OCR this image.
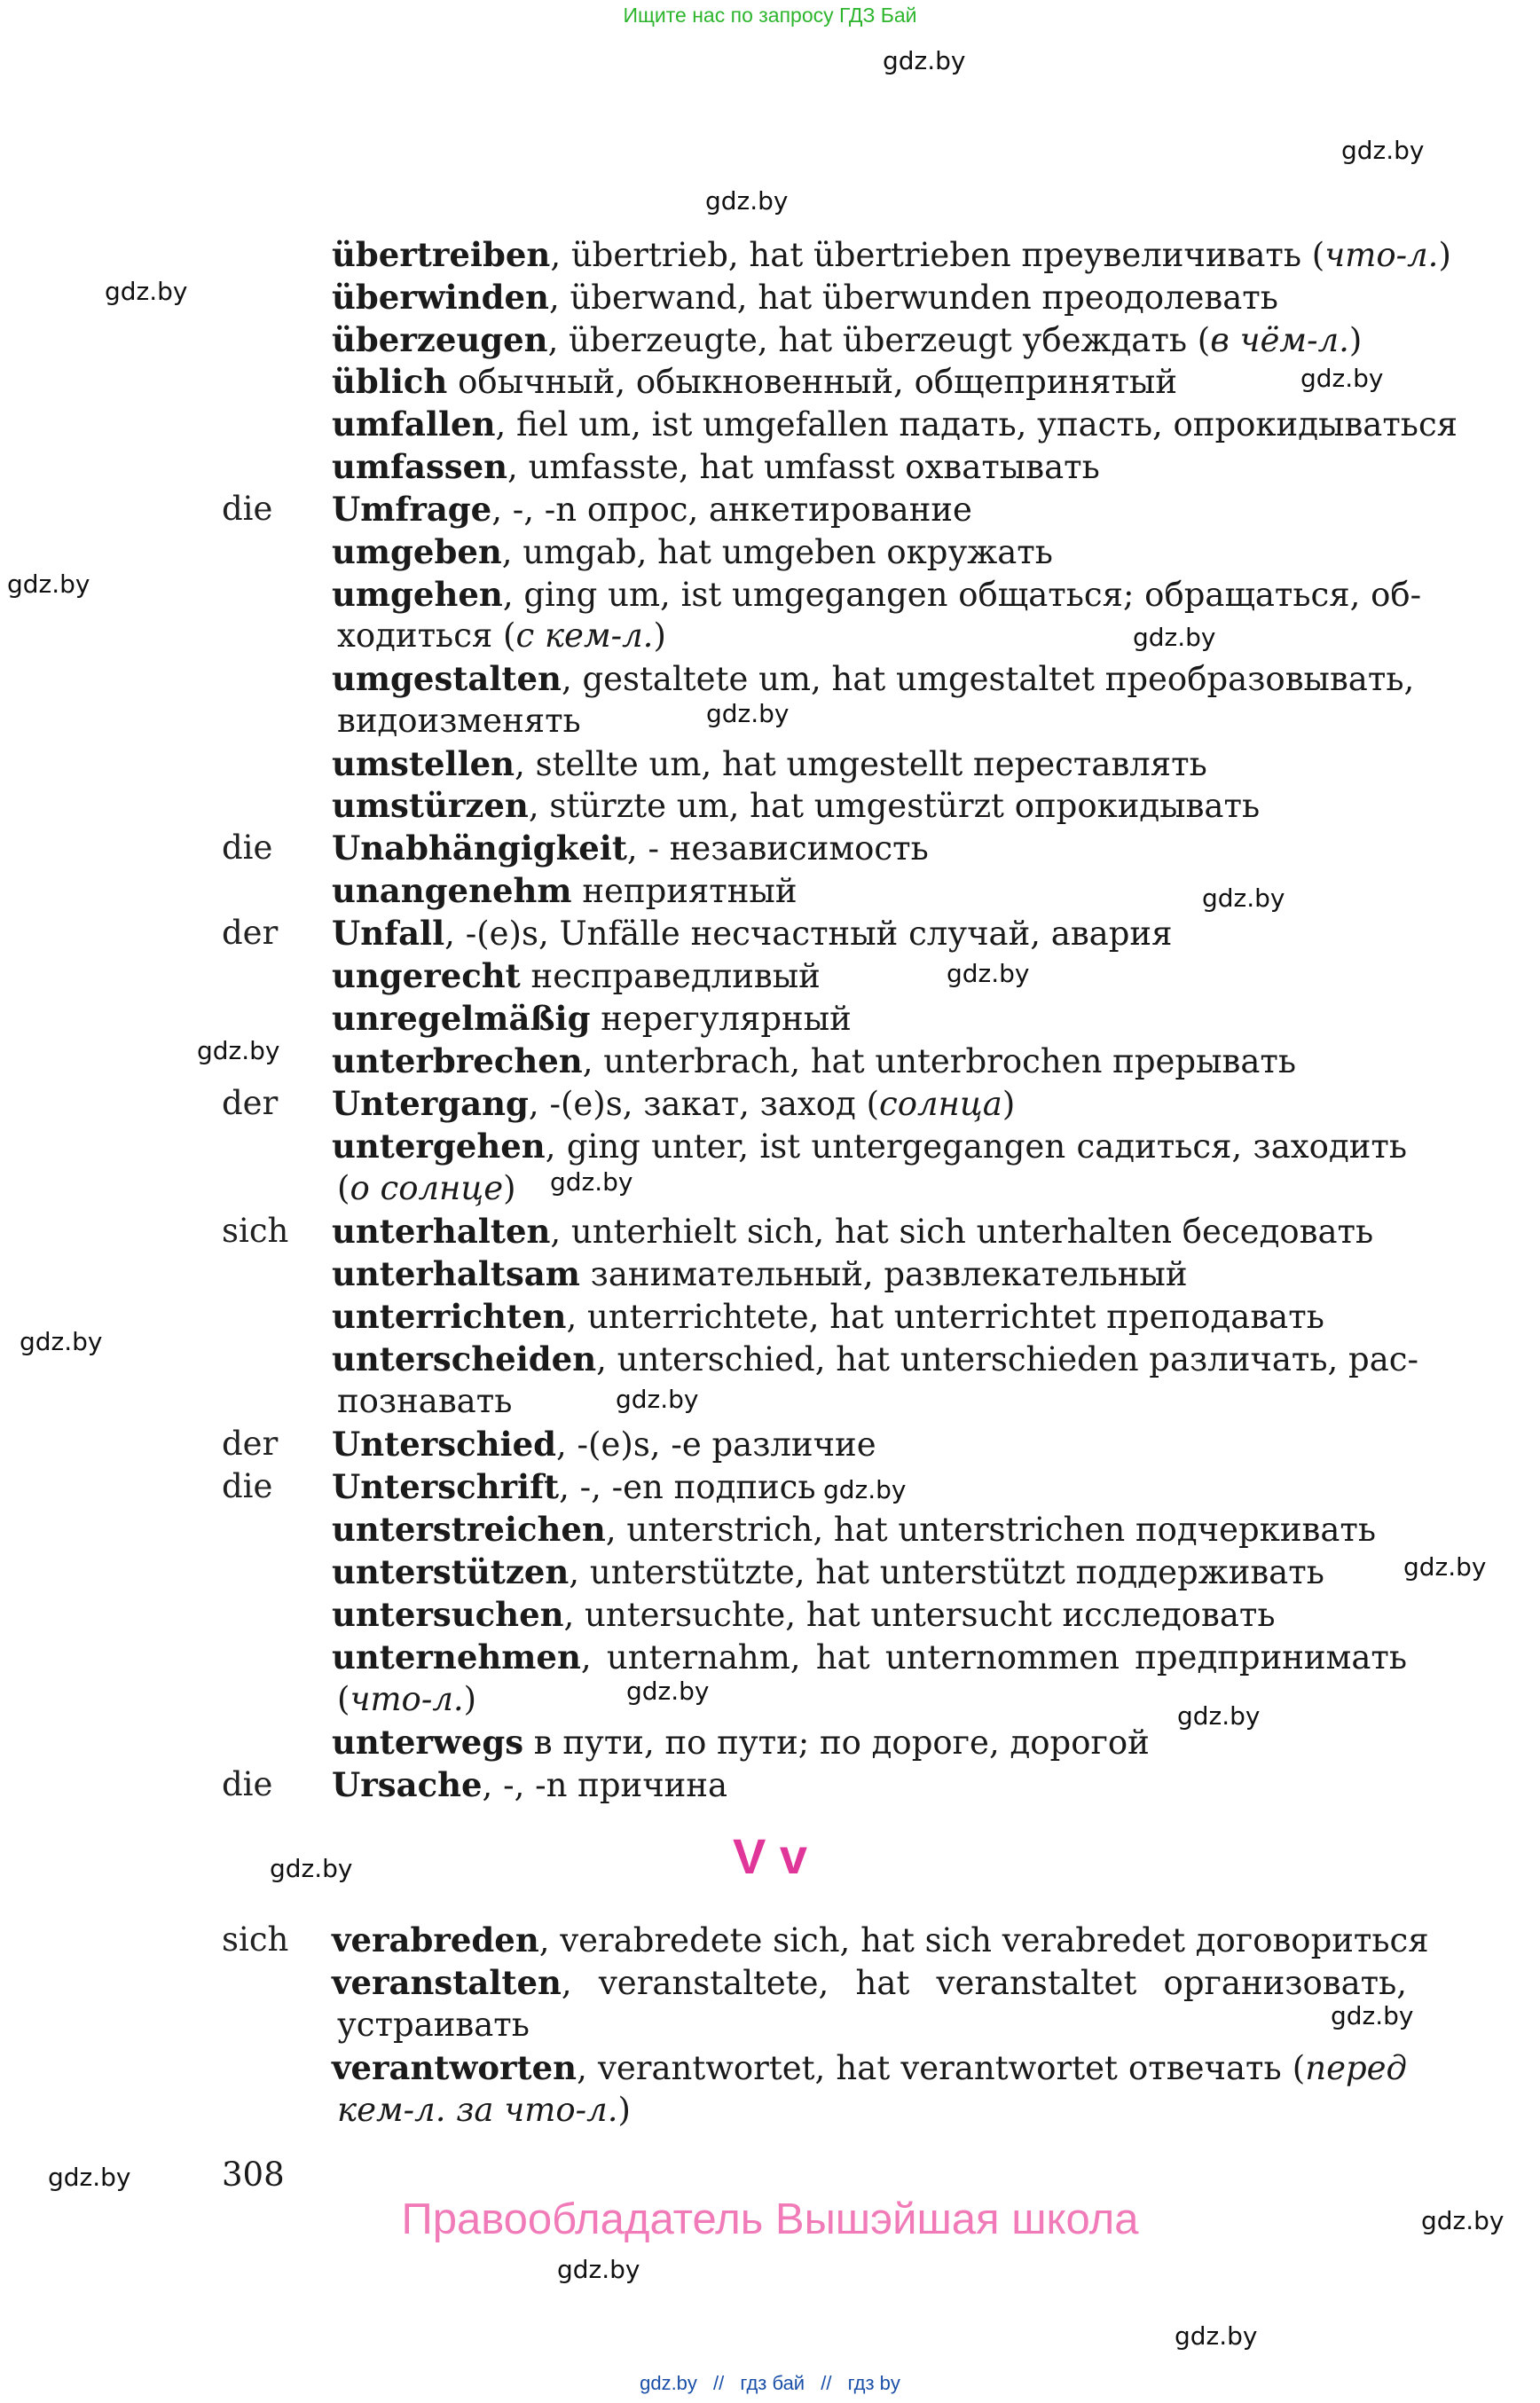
Ищите нас по запросу ГДЗ Бай
übertreiben, übertrieb, hat übertrieben преувеличивать (что-л.)
überwinden, überwand, hat überwunden преодолевать
überzeugen, überzeugte, hat überzeugt убеждать (в чём-л.)
üblich обычный, обыкновенный, общепринятый
umfallen, fiel um, ist umgefallen падать, упасть, опрокидываться
umfassen, umfasste, hat umfasst охватывать
die Umfrage, -, -n опрос, анкетирование
umgeben, umgab, hat umgeben окружать
umgehen, ging um, ist umgegangen общаться; обращаться, об-
ходиться (с кем-л.)
umgestalten, gestaltete um, hat umgestaltet преобразовывать,
видоизменять
umstellen, stellte um, hat umgestellt переставлять
umstürzen, stürzte um, hat umgestürzt опрокидывать
die Unabhängigkeit, - независимость
unangenehm неприятный
der Unfall, -(e)s, Unfälle несчастный случай, авария
ungerecht несправедливый
unregelmäßig нерегулярный
unterbrechen, unterbrach, hat unterbrochen прерывать
der Untergang, -(e)s, закат, заход (солнца)
untergehen, ging unter, ist untergegangen садиться, заходить
(о солнце)
sich unterhalten, unterhielt sich, hat sich unterhalten беседовать
unterhaltsam занимательный, развлекательный
unterrichten, unterrichtete, hat unterrichtet преподавать
unterscheiden, unterschied, hat unterschieden различать, рас-
познавать
der Unterschied, -(e)s, -e различие
die Unterschrift, -, -en подпись
unterstreichen, unterstrich, hat unterstrichen подчеркивать
unterstützen, unterstützte, hat unterstützt поддерживать
untersuchen, untersuchte, hat untersucht исследовать
unternehmen, unternahm, hat unternommen предпринимать
(что-л.)
unterwegs в пути, по пути; по дороге, дорогой
die Ursache, -, -n причина
sich verabreden, verabredete sich, hat sich verabredet договориться
veranstalten, veranstaltete, hat veranstaltet организовать,
устраивать
verantworten, verantwortet, hat verantwortet отвечать (перед
кем-л. за что-л.)
V v
308
Правообладатель Вышэйшая школа
gdz.by
gdz.by
gdz.by
gdz.by
gdz.by
gdz.by
gdz.by
gdz.by
gdz.by
gdz.by
gdz.by
gdz.by
gdz.by
gdz.by
gdz.by
gdz.by
gdz.by
gdz.by
gdz.by
gdz.by
gdz.by
gdz.by
gdz.by
gdz.by
gdz.by // гдз бай // гдз by
